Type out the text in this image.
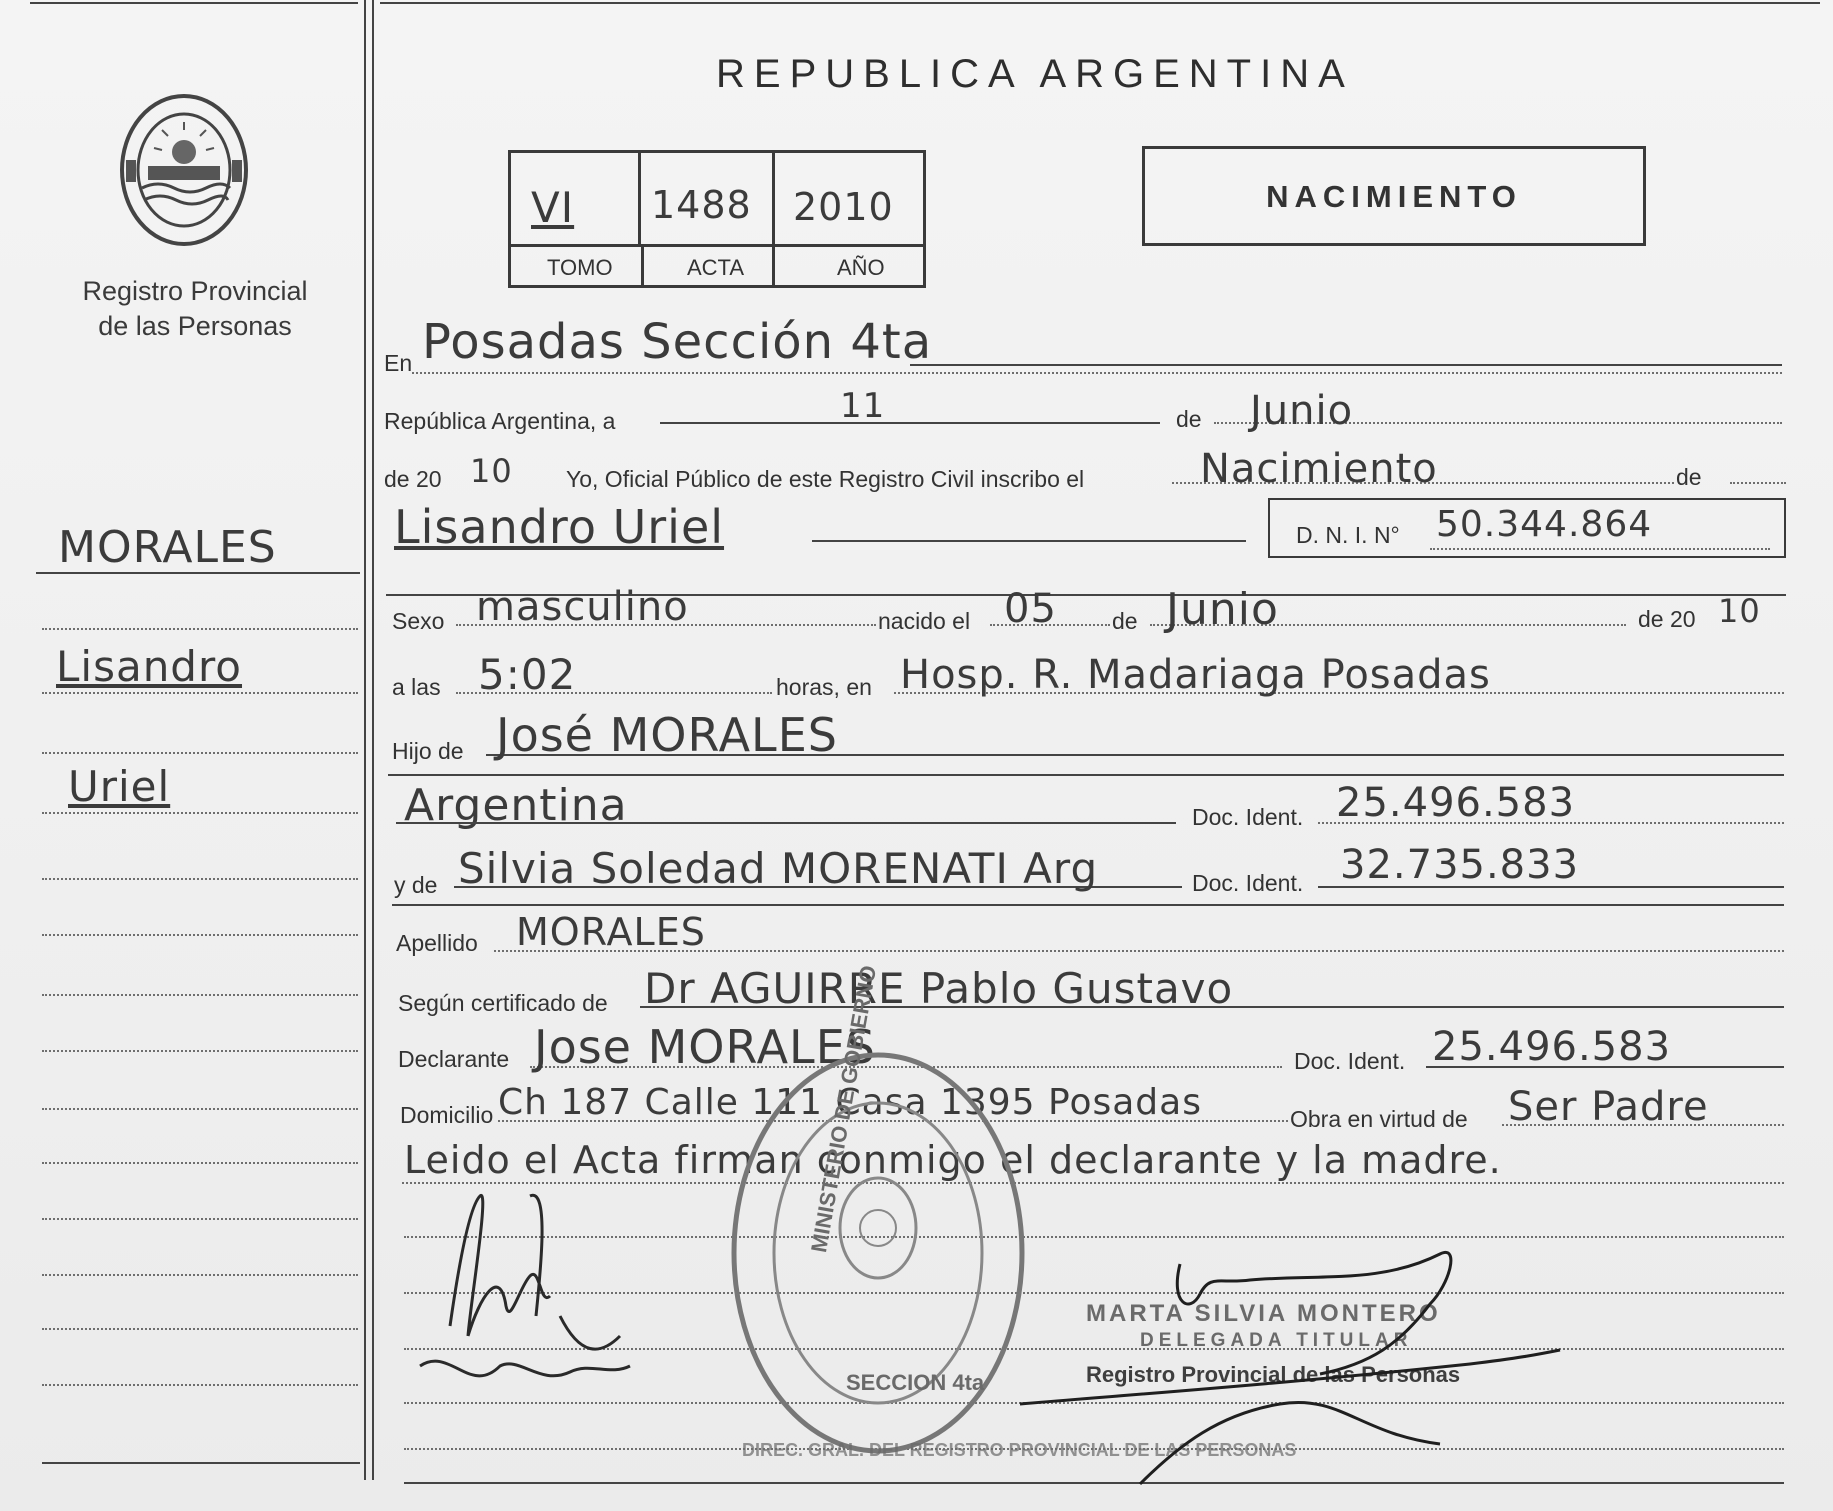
Registro Provincial
de las Personas
MORALES
Lisandro
Uriel
REPUBLICA ARGENTINA
VI 1488 2010
TOMO	ACTA	AÑO
NACIMIENTO
En Posadas Sección 4ta
República Argentina, a	11	de Junio
de 20 10 Yo, Oficial Público de este Registro Civil inscribo el	Nacimiento	de
Lisandro Uriel	D. N. I. N° 50.344.864
Sexo masculino	nacido el 05 de Junio	de 20 10
a las 5:02	horas, en Hosp. R. Madariaga Posadas
Hijo de José MORALES
Argentina	Doc. Ident. 25.496.583
y de Silvia Soledad MORENATI Arg	Doc. Ident. 32.735.833
Apellido MORALES
Según certificado de Dr AGUIRRE Pablo Gustavo
Declarante Jose MORALES	Doc. Ident. 25.496.583
Domicilio Ch 187 Calle 111 Casa 1395 Posadas	Obra en virtud de Ser Padre
Leido el Acta firman conmigo el declarante y la madre.
MINISTERIO DE GOBIERNO
SECCION 4ta
DIREC. GRAL. DEL REGISTRO PROVINCIAL DE LAS PERSONAS
MARTA SILVIA MONTERO
DELEGADA TITULAR
Registro Provincial de las Personas
